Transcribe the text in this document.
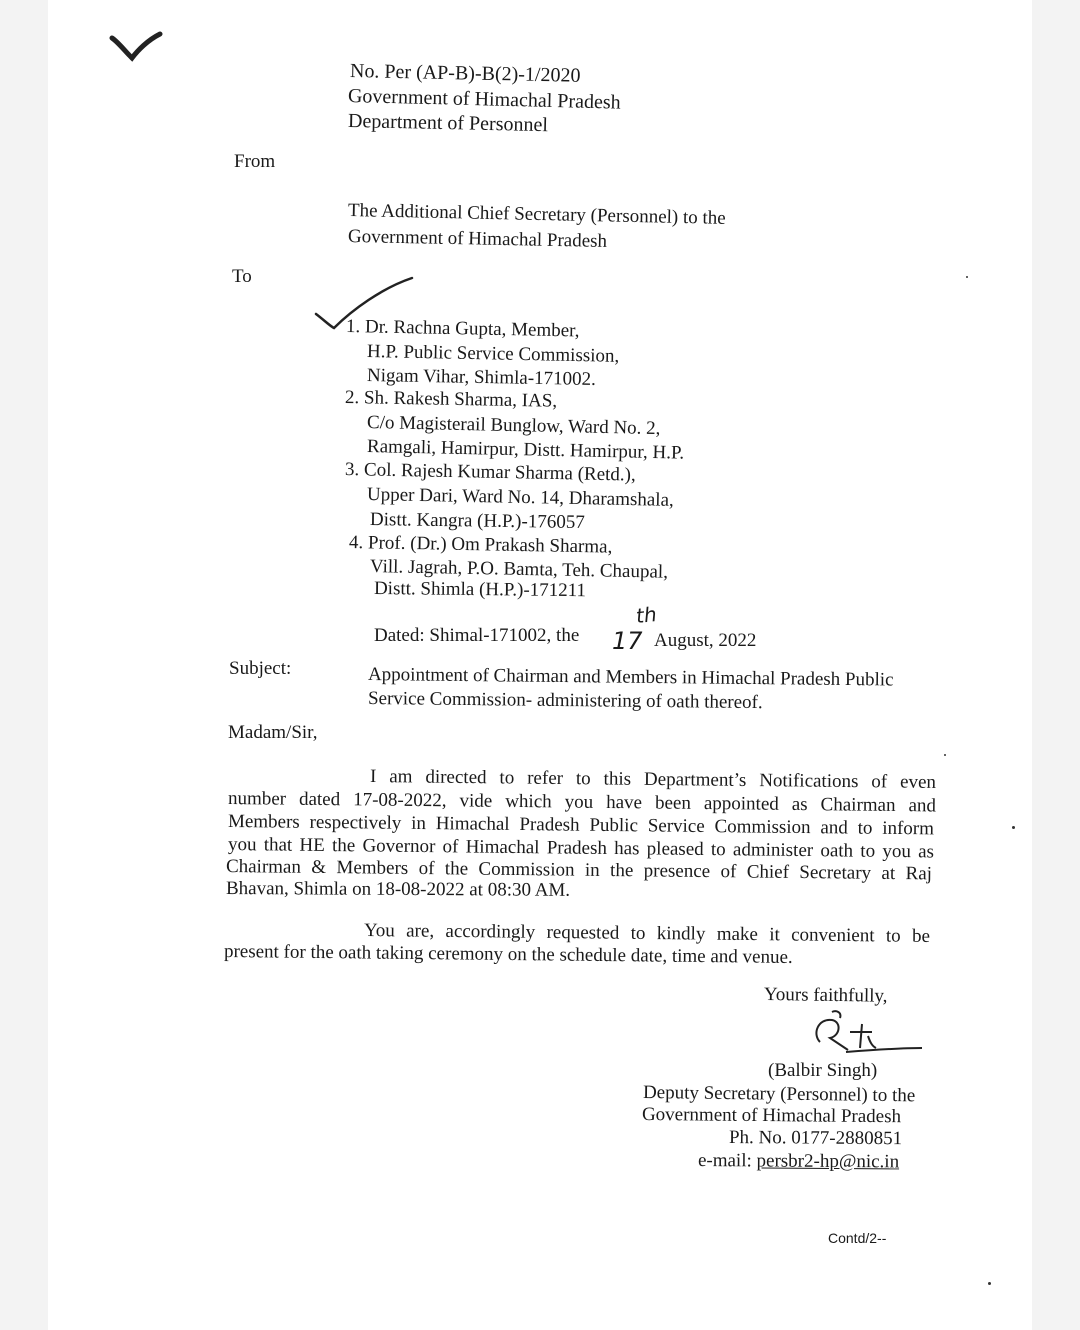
No. Per (AP-B)-B(2)-1/2020
Government of Himachal Pradesh
Department of Personnel
From
The Additional Chief Secretary (Personnel) to the
Government of Himachal Pradesh
To
1. Dr. Rachna Gupta, Member,
H.P. Public Service Commission,
Nigam Vihar, Shimla-171002.
2. Sh. Rakesh Sharma, IAS,
C/o Magisterail Bunglow, Ward No. 2,
Ramgali, Hamirpur, Distt. Hamirpur, H.P.
3. Col. Rajesh Kumar Sharma (Retd.),
Upper Dari, Ward No. 14, Dharamshala,
Distt. Kangra (H.P.)-176057
4. Prof. (Dr.) Om Prakash Sharma,
Vill. Jagrah, P.O. Bamta, Teh. Chaupal,
Distt. Shimla (H.P.)-171211
Dated: Shimal-171002, the
th
17 August, 2022
Subject:	Appointment of Chairman and Members in Himachal Pradesh Public
Service Commission- administering of oath thereof.
Madam/Sir,
I am directed to refer to this Department’s Notifications of even
number dated 17-08-2022, vide which you have been appointed as Chairman and
Members respectively in Himachal Pradesh Public Service Commission and to inform
you that HE the Governor of Himachal Pradesh has pleased to administer oath to you as
Chairman & Members of the Commission in the presence of Chief Secretary at Raj
Bhavan, Shimla on 18-08-2022 at 08:30 AM.
You are, accordingly requested to kindly make it convenient to be
present for the oath taking ceremony on the schedule date, time and venue.
Yours faithfully,
(Balbir Singh)
Deputy Secretary (Personnel) to the
Government of Himachal Pradesh
Ph. No. 0177-2880851
e-mail: persbr2-hp@nic.in
Contd/2--
